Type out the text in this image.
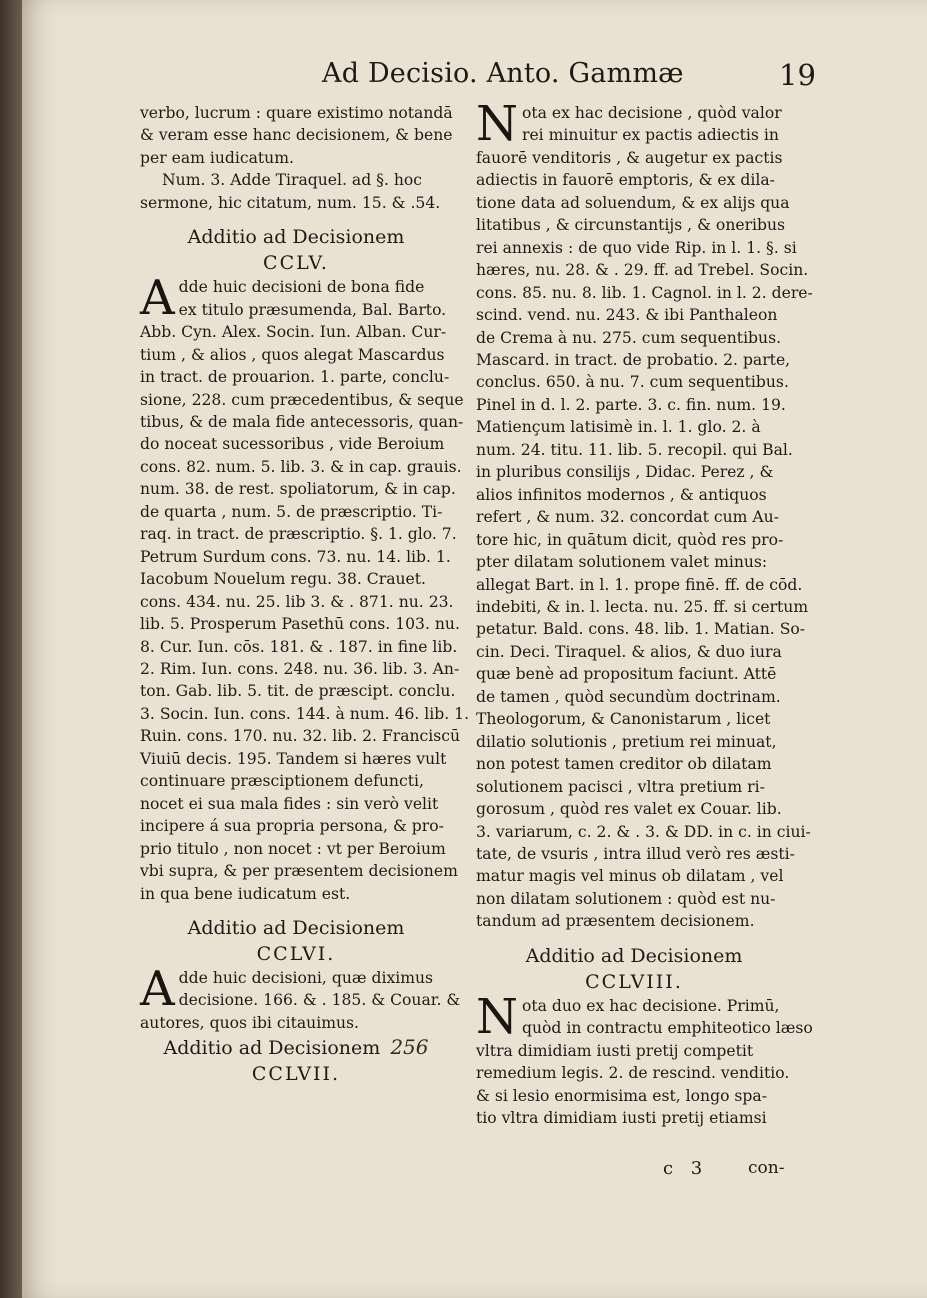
Ad Decisio. Anto. Gammæ	19

verbo, lucrum : quare existimo notandā

& veram esse hanc decisionem, & bene

per eam iudicatum.

Num. 3. Adde Tiraquel. ad §. hoc

sermone, hic citatum, num. 15. & .54.

Additio ad Decisionem

CCLV.

A dde huic decisioni de bona fide

ex titulo præsumenda, Bal. Barto.

Abb. Cyn. Alex. Socin. Iun. Alban. Cur-

tium , & alios , quos alegat Mascardus

in tract. de prouarion. 1. parte, conclu-

sione, 228. cum præcedentibus, & seque

tibus, & de mala fide antecessoris, quan-

do noceat sucessoribus , vide Beroium

cons. 82. num. 5. lib. 3. & in cap. grauis.

num. 38. de rest. spoliatorum, & in cap.

de quarta , num. 5. de præscriptio. Ti-

raq. in tract. de præscriptio. §. 1. glo. 7.

Petrum Surdum cons. 73. nu. 14. lib. 1.

Iacobum Nouelum regu. 38. Crauet.

cons. 434. nu. 25. lib 3. & . 871. nu. 23.

lib. 5. Prosperum Pasethū cons. 103. nu.

8. Cur. Iun. cōs. 181. & . 187. in fine lib.

2. Rim. Iun. cons. 248. nu. 36. lib. 3. An-

ton. Gab. lib. 5. tit. de præscipt. conclu.

3. Socin. Iun. cons. 144. à num. 46. lib. 1.

Ruin. cons. 170. nu. 32. lib. 2. Franciscū

Viuiū decis. 195. Tandem si hæres vult

continuare præsciptionem defuncti,

nocet ei sua mala fides : sin verò velit

incipere á sua propria persona, & pro-

prio titulo , non nocet : vt per Beroium

vbi supra, & per præsentem decisionem

in qua bene iudicatum est.

Additio ad Decisionem

CCLVI.

A dde huic decisioni, quæ diximus

decisione. 166. & . 185. & Couar. &

autores, quos ibi citauimus.

Additio ad Decisionem 256

CCLVII.

N ota ex hac decisione , quòd valor

rei minuitur ex pactis adiectis in

fauorē venditoris , & augetur ex pactis

adiectis in fauorē emptoris, & ex dila-

tione data ad soluendum, & ex alijs qua

litatibus , & circunstantijs , & oneribus

rei annexis : de quo vide Rip. in l. 1. §. si

hæres, nu. 28. & . 29. ff. ad Trebel. Socin.

cons. 85. nu. 8. lib. 1. Cagnol. in l. 2. dere-

scind. vend. nu. 243. & ibi Panthaleon

de Crema à nu. 275. cum sequentibus.

Mascard. in tract. de probatio. 2. parte,

conclus. 650. à nu. 7. cum sequentibus.

Pinel in d. l. 2. parte. 3. c. fin. num. 19.

Matiençum latisimè in. l. 1. glo. 2. à

num. 24. titu. 11. lib. 5. recopil. qui Bal.

in pluribus consilijs , Didac. Perez , &

alios infinitos modernos , & antiquos

refert , & num. 32. concordat cum Au-

tore hic, in quātum dicit, quòd res pro-

pter dilatam solutionem valet minus:

allegat Bart. in l. 1. prope finē. ff. de cōd.

indebiti, & in. l. lecta. nu. 25. ff. si certum

petatur. Bald. cons. 48. lib. 1. Matian. So-

cin. Deci. Tiraquel. & alios, & duo iura

quæ benè ad propositum faciunt. Attē

de tamen , quòd secundùm doctrinam.

Theologorum, & Canonistarum , licet

dilatio solutionis , pretium rei minuat,

non potest tamen creditor ob dilatam

solutionem pacisci , vltra pretium ri-

gorosum , quòd res valet ex Couar. lib.

3. variarum, c. 2. & . 3. & DD. in c. in ciui-

tate, de vsuris , intra illud verò res æsti-

matur magis vel minus ob dilatam , vel

non dilatam solutionem : quòd est nu-

tandum ad præsentem decisionem.

Additio ad Decisionem

CCLVIII.

N ota duo ex hac decisione. Primū,

quòd in contractu emphiteotico læso

vltra dimidiam iusti pretij competit

remedium legis. 2. de rescind. venditio.

& si lesio enormisima est, longo spa-

tio vltra dimidiam iusti pretij etiamsi

c 3 con-
